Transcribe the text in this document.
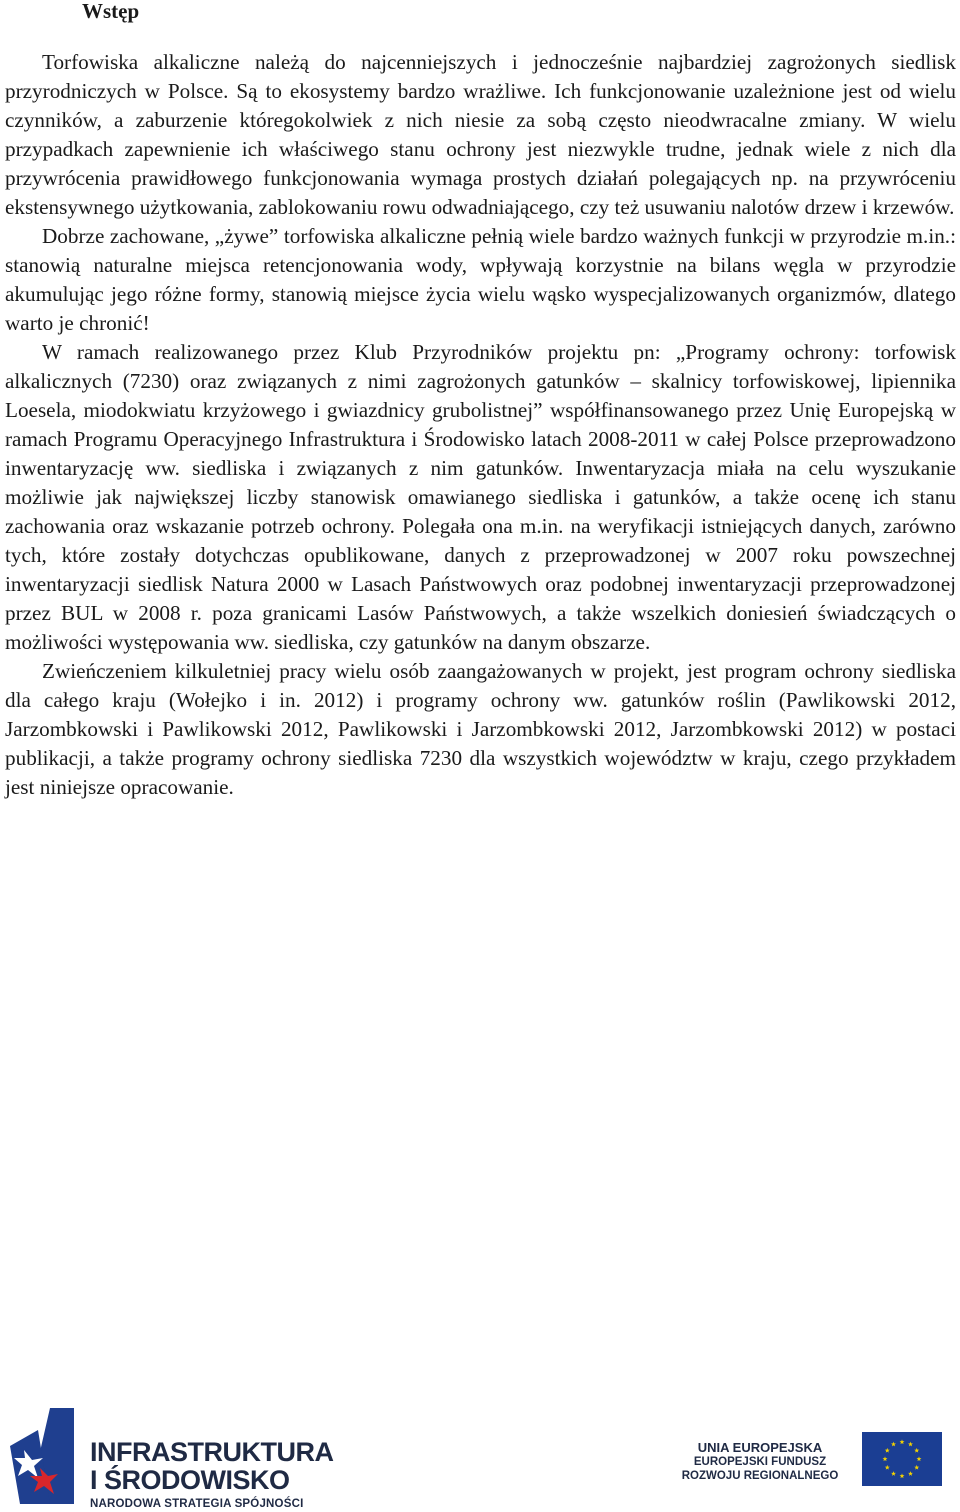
Wstęp

Torfowiska alkaliczne należą do najcenniejszych i jednocześnie najbardziej zagrożonych siedlisk przyrodniczych w Polsce. Są to ekosystemy bardzo wrażliwe. Ich funkcjonowanie uzależnione jest od wielu czynników, a zaburzenie któregokolwiek z nich niesie za sobą często nieodwracalne zmiany. W wielu przypadkach zapewnienie ich właściwego stanu ochrony jest niezwykle trudne, jednak wiele z nich dla przywrócenia prawidłowego funkcjonowania wymaga prostych działań polegających np. na przywróceniu ekstensywnego użytkowania, zablokowaniu rowu odwadniającego, czy też usuwaniu nalotów drzew i krzewów.

Dobrze zachowane, „żywe” torfowiska alkaliczne pełnią wiele bardzo ważnych funkcji w przyrodzie m.in.: stanowią naturalne miejsca retencjonowania wody, wpływają korzystnie na bilans węgla w przyrodzie akumulując jego różne formy, stanowią miejsce życia wielu wąsko wyspecjalizowanych organizmów, dlatego warto je chronić!

W ramach realizowanego przez Klub Przyrodników projektu pn: „Programy ochrony: torfowisk alkalicznych (7230) oraz związanych z nimi zagrożonych gatunków – skalnicy torfowiskowej, lipiennika Loesela, miodokwiatu krzyżowego i gwiazdnicy grubolistnej” współfinansowanego przez Unię Europejską w ramach Programu Operacyjnego Infrastruktura i Środowisko latach 2008-2011 w całej Polsce przeprowadzono inwentaryzację ww. siedliska i związanych z nim gatunków. Inwentaryzacja miała na celu wyszukanie możliwie jak największej liczby stanowisk omawianego siedliska i gatunków, a także ocenę ich stanu zachowania oraz wskazanie potrzeb ochrony. Polegała ona m.in. na weryfikacji istniejących danych, zarówno tych, które zostały dotychczas opublikowane, danych z przeprowadzonej w 2007 roku powszechnej inwentaryzacji siedlisk Natura 2000 w Lasach Państwowych oraz podobnej inwentaryzacji przeprowadzonej przez BUL w 2008 r. poza granicami Lasów Państwowych, a także wszelkich doniesień świadczących o możliwości występowania ww. siedliska, czy gatunków na danym obszarze.

Zwieńczeniem kilkuletniej pracy wielu osób zaangażowanych w projekt, jest program ochrony siedliska dla całego kraju (Wołejko i in. 2012) i programy ochrony ww. gatunków roślin (Pawlikowski 2012, Jarzombkowski i Pawlikowski 2012, Pawlikowski i Jarzombkowski 2012, Jarzombkowski 2012) w postaci publikacji, a także programy ochrony siedliska 7230 dla wszystkich województw w kraju, czego przykładem jest niniejsze opracowanie.

INFRASTRUKTURA
I ŚRODOWISKO
NARODOWA STRATEGIA SPÓJNOŚCI
UNIA EUROPEJSKA
EUROPEJSKI FUNDUSZ
ROZWOJU REGIONALNEGO
